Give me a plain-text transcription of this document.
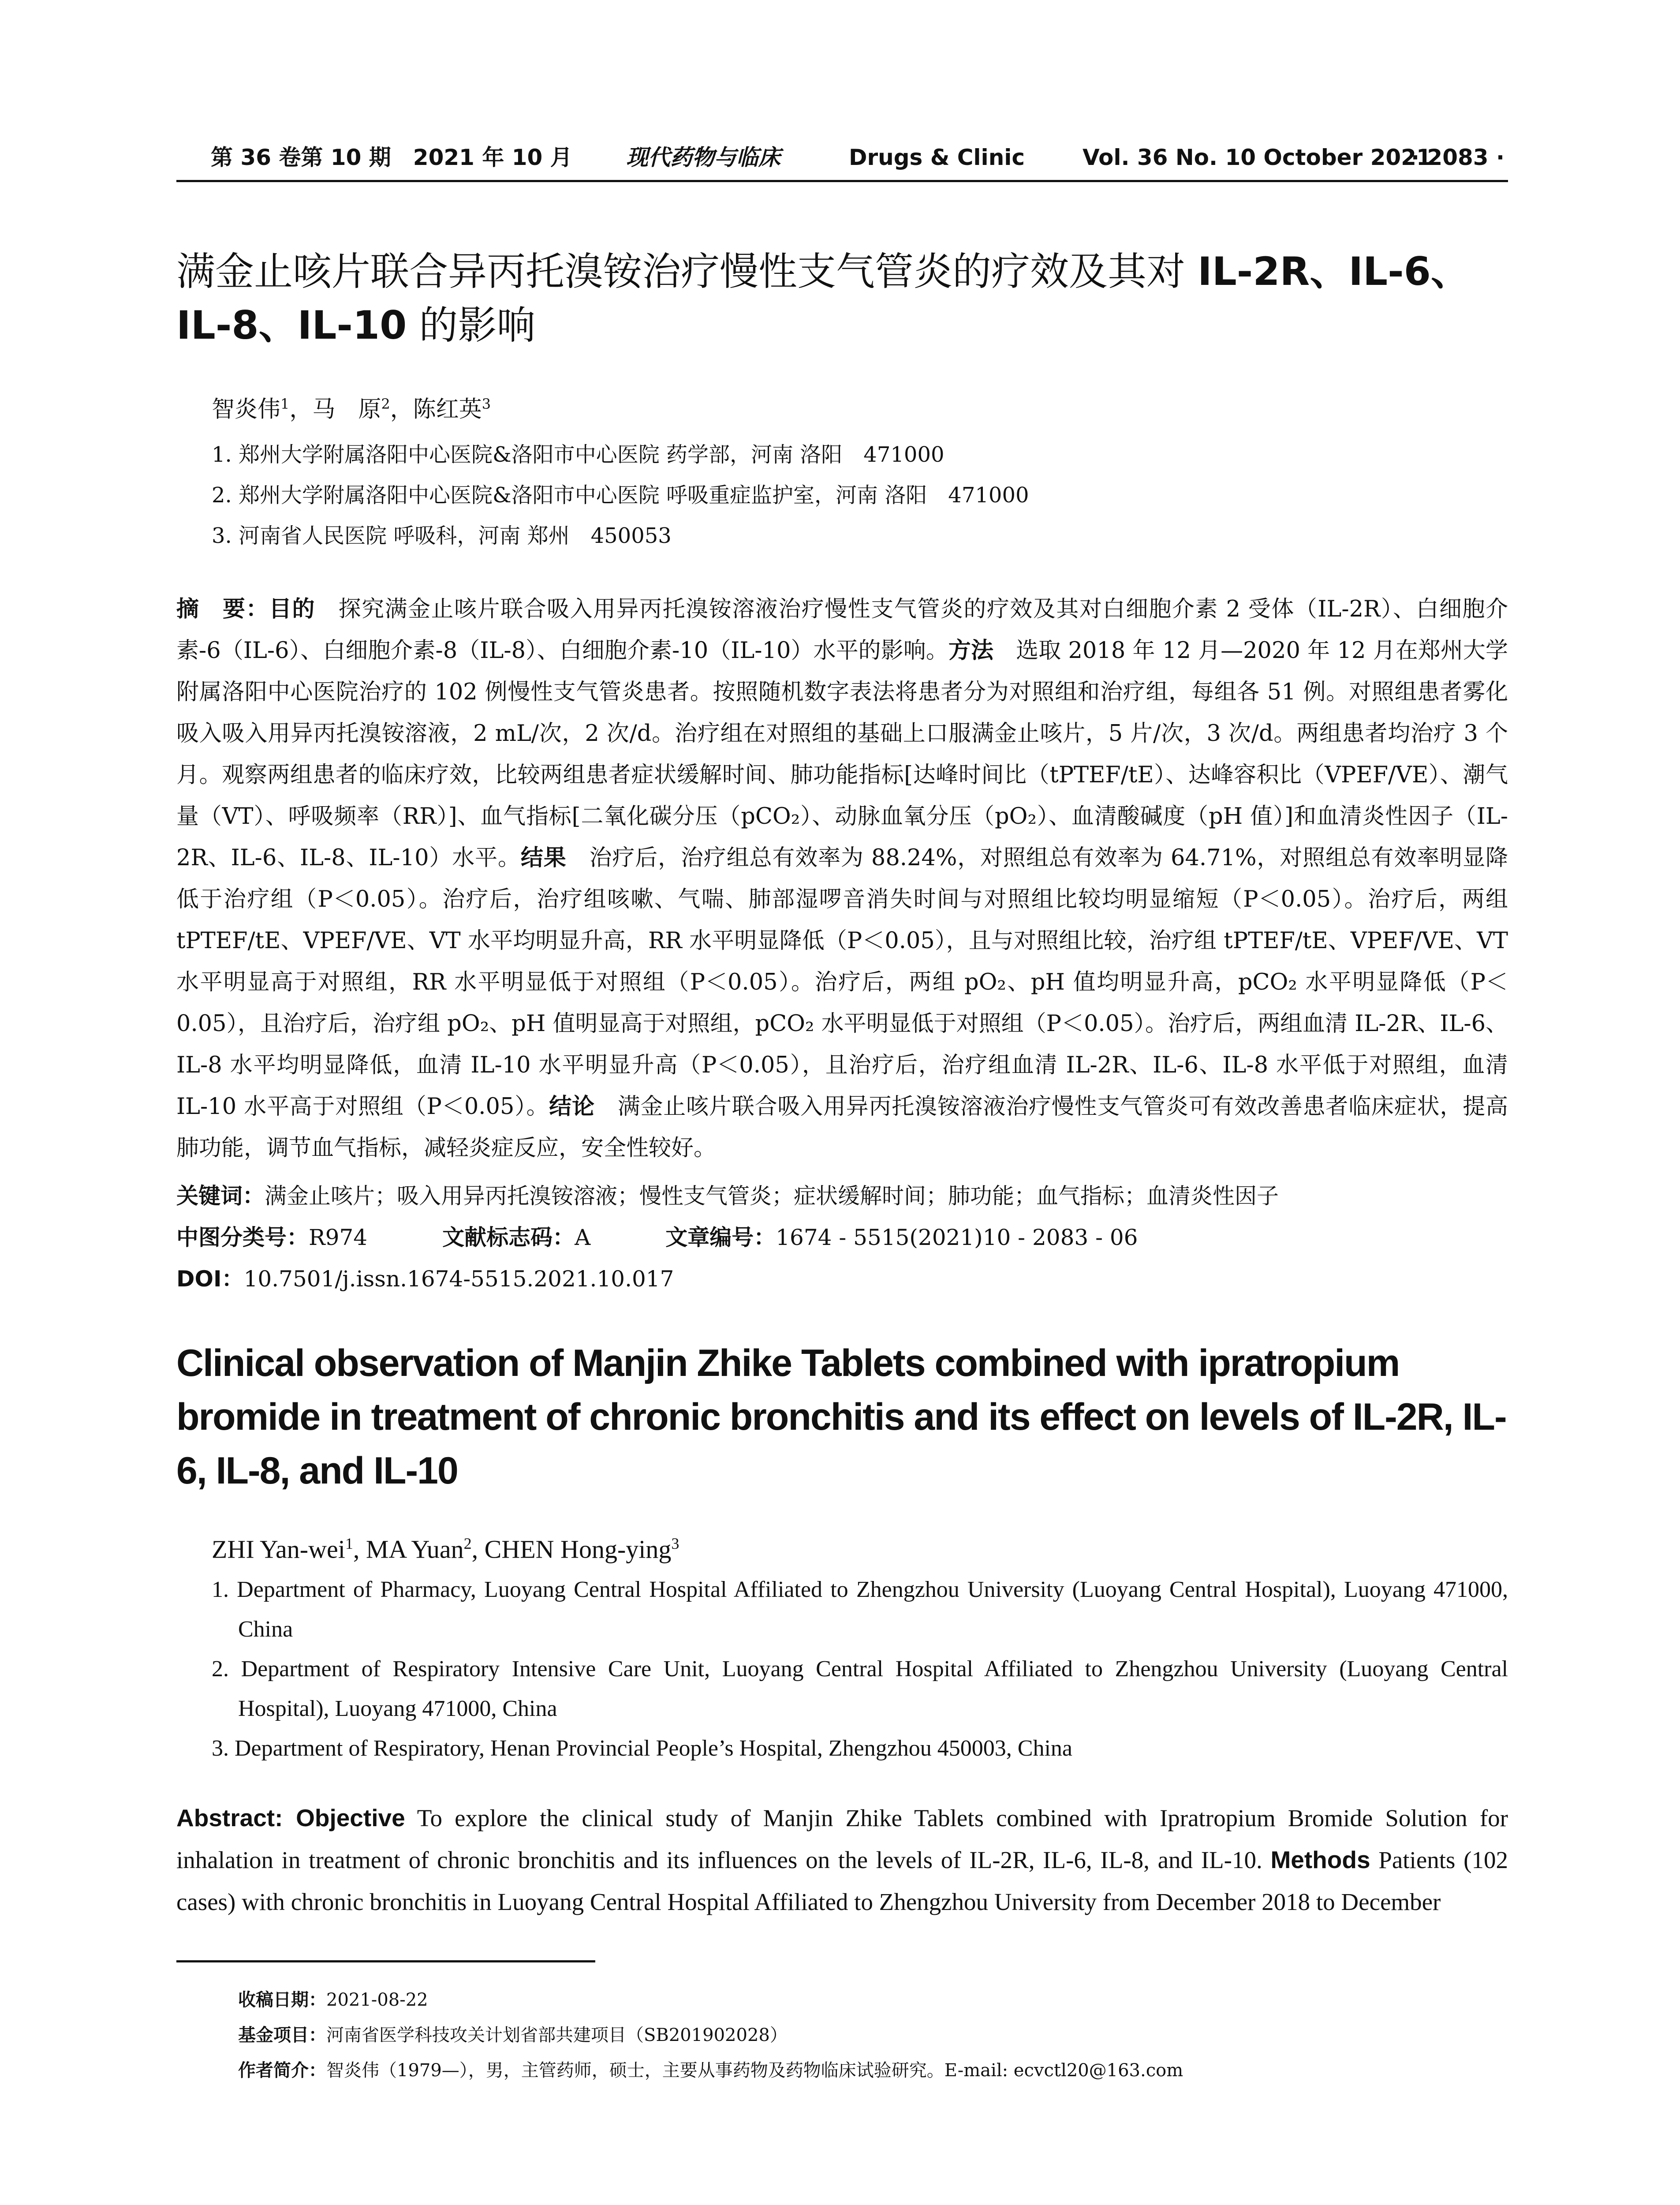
第 36 卷第 10 期　2021 年 10 月 现代药物与临床	Drugs & Clinic	Vol. 36 No. 10 October 2021
· 2083 ·
满金止咳片联合异丙托溴铵治疗慢性支气管炎的疗效及其对 IL-2R、IL-6、IL-8、IL-10 的影响
智炎伟$^1$，马　原$^2$，陈红英$^3$
1. 郑州大学附属洛阳中心医院&洛阳市中心医院 药学部，河南 洛阳　471000
2. 郑州大学附属洛阳中心医院&洛阳市中心医院 呼吸重症监护室，河南 洛阳　471000
3. 河南省人民医院 呼吸科，河南 郑州　450053
摘　要：目的　探究满金止咳片联合吸入用异丙托溴铵溶液治疗慢性支气管炎的疗效及其对白细胞介素 2 受体（IL-2R）、白细胞介素-6（IL-6）、白细胞介素-8（IL-8）、白细胞介素-10（IL-10）水平的影响。方法　选取 2018 年 12 月—2020 年 12 月在郑州大学附属洛阳中心医院治疗的 102 例慢性支气管炎患者。按照随机数字表法将患者分为对照组和治疗组，每组各 51 例。对照组患者雾化吸入吸入用异丙托溴铵溶液，2 mL/次，2 次/d。治疗组在对照组的基础上口服满金止咳片，5 片/次，3 次/d。两组患者均治疗 3 个月。观察两组患者的临床疗效，比较两组患者症状缓解时间、肺功能指标[达峰时间比（tPTEF/tE）、达峰容积比（VPEF/VE）、潮气量（VT）、呼吸频率（RR）]、血气指标[二氧化碳分压（pCO₂）、动脉血氧分压（pO₂）、血清酸碱度（pH 值）]和血清炎性因子（IL-2R、IL-6、IL-8、IL-10）水平。结果　治疗后，治疗组总有效率为 88.24%，对照组总有效率为 64.71%，对照组总有效率明显降低于治疗组（P＜0.05）。治疗后，治疗组咳嗽、气喘、肺部湿啰音消失时间与对照组比较均明显缩短（P＜0.05）。治疗后，两组 tPTEF/tE、VPEF/VE、VT 水平均明显升高，RR 水平明显降低（P＜0.05），且与对照组比较，治疗组 tPTEF/tE、VPEF/VE、VT 水平明显高于对照组，RR 水平明显低于对照组（P＜0.05）。治疗后，两组 pO₂、pH 值均明显升高，pCO₂ 水平明显降低（P＜0.05），且治疗后，治疗组 pO₂、pH 值明显高于对照组，pCO₂ 水平明显低于对照组（P＜0.05）。治疗后，两组血清 IL-2R、IL-6、IL-8 水平均明显降低，血清 IL-10 水平明显升高（P＜0.05），且治疗后，治疗组血清 IL-2R、IL-6、IL-8 水平低于对照组，血清 IL-10 水平高于对照组（P＜0.05）。结论　满金止咳片联合吸入用异丙托溴铵溶液治疗慢性支气管炎可有效改善患者临床症状，提高肺功能，调节血气指标，减轻炎症反应，安全性较好。
关键词：满金止咳片；吸入用异丙托溴铵溶液；慢性支气管炎；症状缓解时间；肺功能；血气指标；血清炎性因子
中图分类号：R974	文献标志码：A	文章编号：1674 - 5515(2021)10 - 2083 - 06
DOI：10.7501/j.issn.1674-5515.2021.10.017
Clinical observation of Manjin Zhike Tablets combined with ipratropium bromide in treatment of chronic bronchitis and its effect on levels of IL-2R, IL-6, IL-8, and IL-10
ZHI Yan-wei$^1$, MA Yuan$^2$, CHEN Hong-ying$^3$
1. Department of Pharmacy, Luoyang Central Hospital Affiliated to Zhengzhou University (Luoyang Central Hospital), Luoyang 471000, China
2. Department of Respiratory Intensive Care Unit, Luoyang Central Hospital Affiliated to Zhengzhou University (Luoyang Central Hospital), Luoyang 471000, China
3. Department of Respiratory, Henan Provincial People’s Hospital, Zhengzhou 450003, China
Abstract: Objective To explore the clinical study of Manjin Zhike Tablets combined with Ipratropium Bromide Solution for inhalation in treatment of chronic bronchitis and its influences on the levels of IL-2R, IL-6, IL-8, and IL-10. Methods Patients (102 cases) with chronic bronchitis in Luoyang Central Hospital Affiliated to Zhengzhou University from December 2018 to December
收稿日期：2021-08-22
基金项目：河南省医学科技攻关计划省部共建项目（SB201902028）
作者简介：智炎伟（1979—），男，主管药师，硕士，主要从事药物及药物临床试验研究。E-mail: ecvctl20@163.com
